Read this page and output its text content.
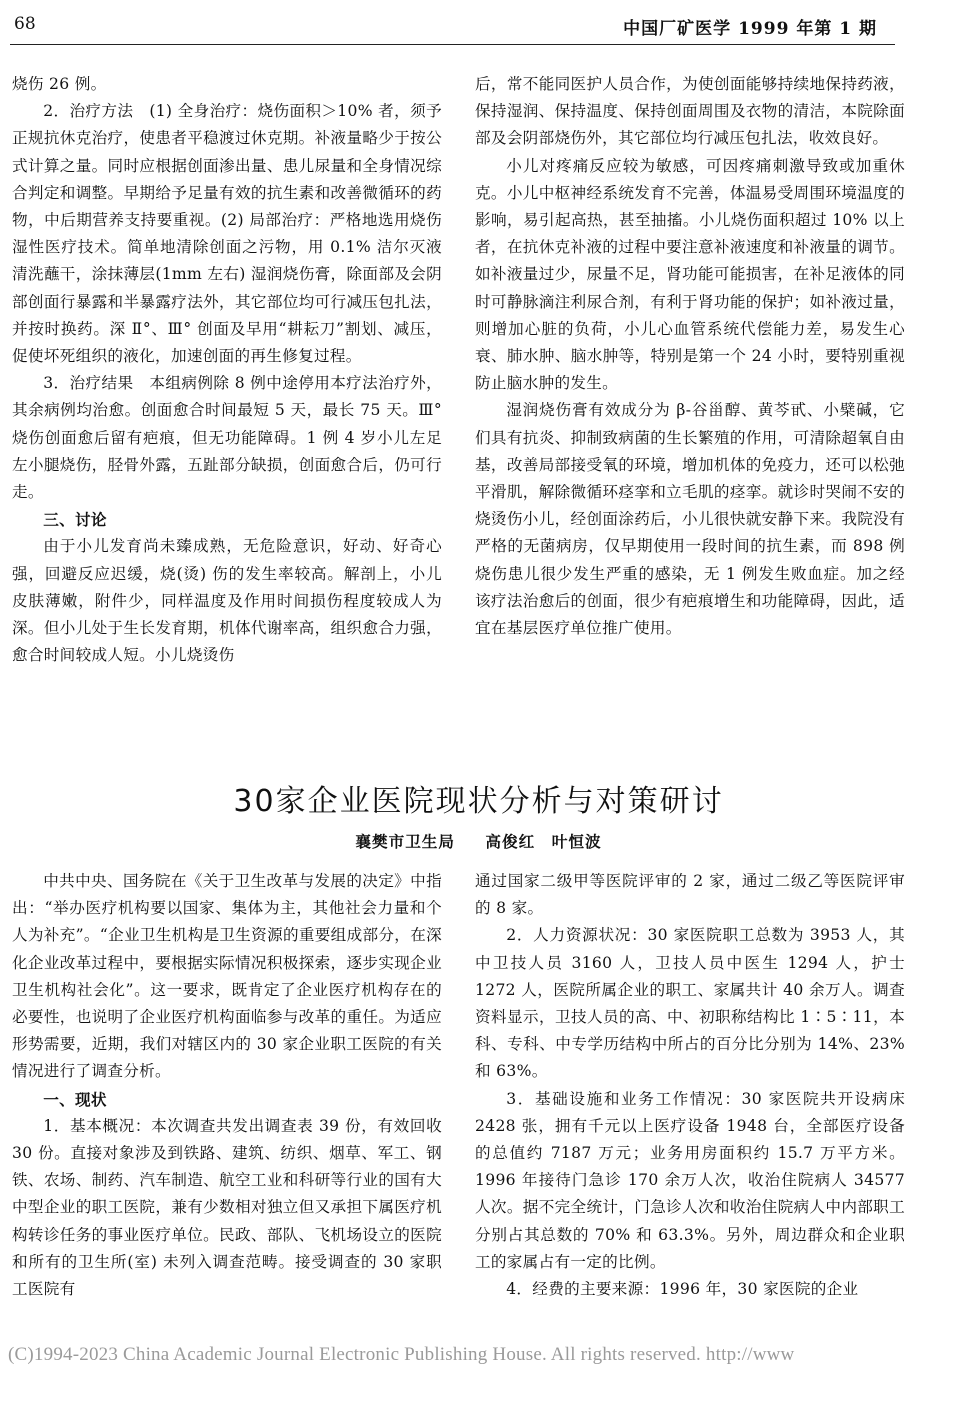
68	中国厂矿医学 1999 年第 1 期

烧伤 26 例。

2．治疗方法　(1) 全身治疗：烧伤面积＞10% 者，须予正规抗休克治疗，使患者平稳渡过休克期。补液量略少于按公式计算之量。同时应根据创面渗出量、患儿尿量和全身情况综合判定和调整。早期给予足量有效的抗生素和改善微循环的药物，中后期营养支持要重视。(2) 局部治疗：严格地选用烧伤湿性医疗技术。简单地清除创面之污物，用 0.1% 洁尔灭液清洗蘸干，涂抹薄层(1mm 左右) 湿润烧伤膏，除面部及会阴部创面行暴露和半暴露疗法外，其它部位均可行减压包扎法，并按时换药。深 Ⅱ°、Ⅲ° 创面及早用“耕耘刀”割划、减压，促使坏死组织的液化，加速创面的再生修复过程。

3．治疗结果　本组病例除 8 例中途停用本疗法治疗外，其余病例均治愈。创面愈合时间最短 5 天，最长 75 天。Ⅲ° 烧伤创面愈后留有疤痕，但无功能障碍。1 例 4 岁小儿左足左小腿烧伤，胫骨外露，五趾部分缺损，创面愈合后，仍可行走。

三、讨论

由于小儿发育尚未臻成熟，无危险意识，好动、好奇心强，回避反应迟缓，烧(烫) 伤的发生率较高。解剖上，小儿皮肤薄嫩，附件少，同样温度及作用时间损伤程度较成人为深。但小儿处于生长发育期，机体代谢率高，组织愈合力强，愈合时间较成人短。小儿烧烫伤

后，常不能同医护人员合作，为使创面能够持续地保持药液，保持湿润、保持温度、保持创面周围及衣物的清洁，本院除面部及会阴部烧伤外，其它部位均行减压包扎法，收效良好。

小儿对疼痛反应较为敏感，可因疼痛刺激导致或加重休克。小儿中枢神经系统发育不完善，体温易受周围环境温度的影响，易引起高热，甚至抽搐。小儿烧伤面积超过 10% 以上者，在抗休克补液的过程中要注意补液速度和补液量的调节。如补液量过少，尿量不足，肾功能可能损害，在补足液体的同时可静脉滴注利尿合剂，有利于肾功能的保护；如补液过量，则增加心脏的负荷，小儿心血管系统代偿能力差，易发生心衰、肺水肿、脑水肿等，特别是第一个 24 小时，要特别重视防止脑水肿的发生。

湿润烧伤膏有效成分为 β-谷甾醇、黄芩甙、小檗碱，它们具有抗炎、抑制致病菌的生长繁殖的作用，可清除超氧自由基，改善局部接受氧的环境，增加机体的免疫力，还可以松弛平滑肌，解除微循环痉挛和立毛肌的痉挛。就诊时哭闹不安的烧烫伤小儿，经创面涂药后，小儿很快就安静下来。我院没有严格的无菌病房，仅早期使用一段时间的抗生素，而 898 例烧伤患儿很少发生严重的感染，无 1 例发生败血症。加之经该疗法治愈后的创面，很少有疤痕增生和功能障碍，因此，适宜在基层医疗单位推广使用。

30家企业医院现状分析与对策研讨
襄樊市卫生局 高俊红　叶恒波

中共中央、国务院在《关于卫生改革与发展的决定》中指出：“举办医疗机构要以国家、集体为主，其他社会力量和个人为补充”。“企业卫生机构是卫生资源的重要组成部分，在深化企业改革过程中，要根据实际情况积极探索，逐步实现企业卫生机构社会化”。这一要求，既肯定了企业医疗机构存在的必要性，也说明了企业医疗机构面临参与改革的重任。为适应形势需要，近期，我们对辖区内的 30 家企业职工医院的有关情况进行了调查分析。

一、现状

1．基本概况：本次调查共发出调查表 39 份，有效回收 30 份。直接对象涉及到铁路、建筑、纺织、烟草、军工、钢铁、农场、制药、汽车制造、航空工业和科研等行业的国有大中型企业的职工医院，兼有少数相对独立但又承担下属医疗机构转诊任务的事业医疗单位。民政、部队、飞机场设立的医院和所有的卫生所(室) 未列入调查范畴。接受调查的 30 家职工医院有

通过国家二级甲等医院评审的 2 家，通过二级乙等医院评审的 8 家。

2．人力资源状况：30 家医院职工总数为 3953 人，其中卫技人员 3160 人，卫技人员中医生 1294 人，护士 1272 人，医院所属企业的职工、家属共计 40 余万人。调查资料显示，卫技人员的高、中、初职称结构比 1∶5∶11，本科、专科、中专学历结构中所占的百分比分别为 14%、23% 和 63%。

3．基础设施和业务工作情况：30 家医院共开设病床 2428 张，拥有千元以上医疗设备 1948 台，全部医疗设备的总值约 7187 万元；业务用房面积约 15.7 万平方米。1996 年接待门急诊 170 余万人次，收治住院病人 34577 人次。据不完全统计，门急诊人次和收治住院病人中内部职工分别占其总数的 70% 和 63.3%。另外，周边群众和企业职工的家属占有一定的比例。

4．经费的主要来源：1996 年，30 家医院的企业

(C)1994-2023 China Academic Journal Electronic Publishing House. All rights reserved. http://www
